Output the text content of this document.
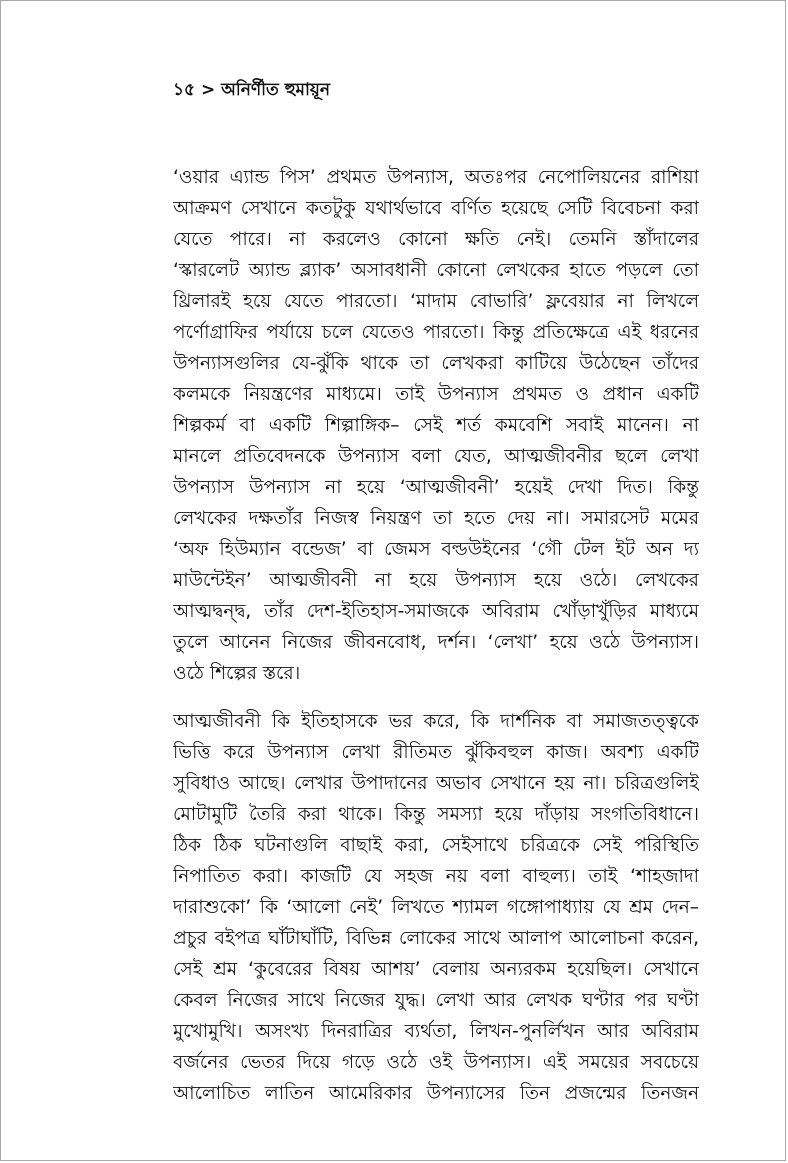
১৫ > অনির্ণীত হুমায়ূন
‘ওয়ার এ্যান্ড পিস’ প্রথমত উপন্যাস, অতঃপর নেপোলিয়নের রাশিয়া
আক্রমণ সেখানে কতটুকু যথার্থভাবে বর্ণিত হয়েছে সেটি বিবেচনা করা
যেতে পারে। না করলেও কোনো ক্ষতি নেই। তেমনি স্তাঁদালের
‘স্কারলেট অ্যান্ড ব্ল্যাক’ অসাবধানী কোনো লেখকের হাতে পড়লে তো
থ্রিলারই হয়ে যেতে পারতো। ‘মাদাম বোভারি’ ফ্লবেয়ার না লিখলে
পর্ণোগ্রাফির পর্যায়ে চলে যেতেও পারতো। কিন্তু প্রতিক্ষেত্রে এই ধরনের
উপন্যাসগুলির যে-ঝুঁকি থাকে তা লেখকরা কাটিয়ে উঠেছেন তাঁদের
কলমকে নিয়ন্ত্রণের মাধ্যমে। তাই উপন্যাস প্রথমত ও প্রধান একটি
শিল্পকর্ম বা একটি শিল্পাঙ্গিক– সেই শর্ত কমবেশি সবাই মানেন। না
মানলে প্রতিবেদনকে উপন্যাস বলা যেত, আত্মজীবনীর ছলে লেখা
উপন্যাস উপন্যাস না হয়ে ‘আত্মজীবনী’ হয়েই দেখা দিত। কিন্তু
লেখকের দক্ষতাঁর নিজস্ব নিয়ন্ত্রণ তা হতে দেয় না। সমারসেট মমের
‘অফ হিউম্যান বন্ডেজ’ বা জেমস বল্ডউইনের ‘গৌ টেল ইট অন দ্য
মাউন্টেইন’ আত্মজীবনী না হয়ে উপন্যাস হয়ে ওঠে। লেখকের
আত্মদ্বন্দ্ব, তাঁর দেশ-ইতিহাস-সমাজকে অবিরাম খোঁড়াখুঁড়ির মাধ্যমে
তুলে আনেন নিজের জীবনবোধ, দর্শন। ‘লেখা’ হয়ে ওঠে উপন্যাস।
ওঠে শিল্পের স্তরে।
আত্মজীবনী কি ইতিহাসকে ভর করে, কি দার্শনিক বা সমাজতত্ত্বকে
ভিত্তি করে উপন্যাস লেখা রীতিমত ঝুঁকিবহুল কাজ। অবশ্য একটি
সুবিধাও আছে। লেখার উপাদানের অভাব সেখানে হয় না। চরিত্রগুলিই
মোটামুটি তৈরি করা থাকে। কিন্তু সমস্যা হয়ে দাঁড়ায় সংগতিবিধানে।
ঠিক ঠিক ঘটনাগুলি বাছাই করা, সেইসাথে চরিত্রকে সেই পরিস্থিতি
নিপাতিত করা। কাজটি যে সহজ নয় বলা বাহুল্য। তাই ‘শাহজাদা
দারাশুকো’ কি ‘আলো নেই’ লিখতে শ্যামল গঙ্গোপাধ্যায় যে শ্রম দেন–
প্রচুর বইপত্র ঘাঁটাঘাঁটি, বিভিন্ন লোকের সাথে আলাপ আলোচনা করেন,
সেই শ্রম ‘কুবেরের বিষয় আশয়’ বেলায় অন্যরকম হয়েছিল। সেখানে
কেবল নিজের সাথে নিজের যুদ্ধ। লেখা আর লেখক ঘণ্টার পর ঘণ্টা
মুখোমুখি। অসংখ্য দিনরাত্রির ব্যর্থতা, লিখন-পুনর্লিখন আর অবিরাম
বর্জনের ভেতর দিয়ে গড়ে ওঠে ওই উপন্যাস। এই সময়ের সবচেয়ে
আলোচিত লাতিন আমেরিকার উপন্যাসের তিন প্রজন্মের তিনজন
